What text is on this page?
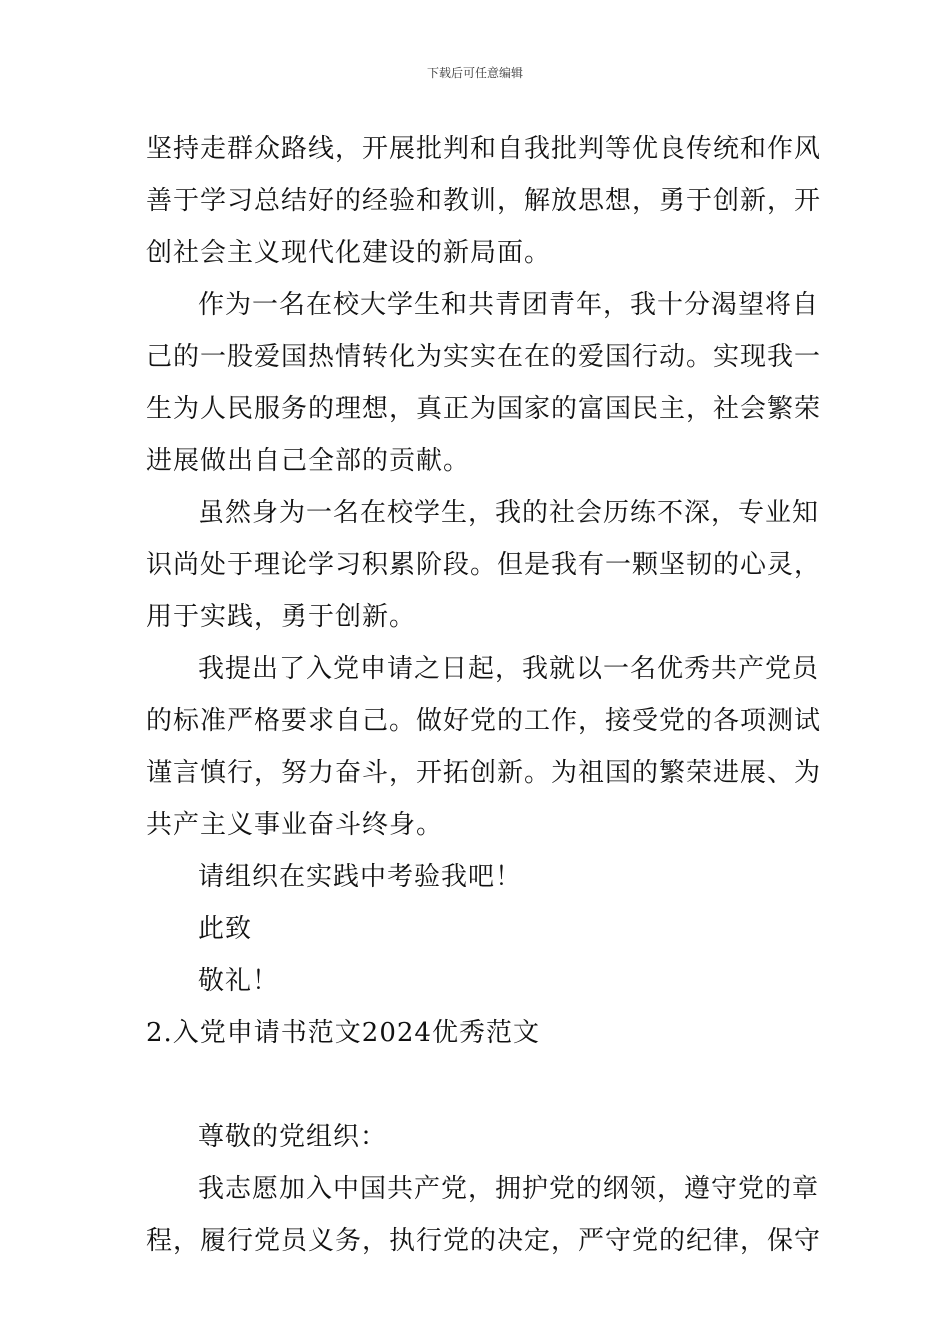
下载后可任意编辑
坚持走群众路线，开展批判和自我批判等优良传统和作风
善于学习总结好的经验和教训，解放思想，勇于创新，开
创社会主义现代化建设的新局面。
作为一名在校大学生和共青团青年，我十分渴望将自
己的一股爱国热情转化为实实在在的爱国行动。实现我一
生为人民服务的理想，真正为国家的富国民主，社会繁荣
进展做出自己全部的贡献。
虽然身为一名在校学生，我的社会历练不深，专业知
识尚处于理论学习积累阶段。但是我有一颗坚韧的心灵，
用于实践，勇于创新。
我提出了入党申请之日起，我就以一名优秀共产党员
的标准严格要求自己。做好党的工作，接受党的各项测试
谨言慎行，努力奋斗，开拓创新。为祖国的繁荣进展、为
共产主义事业奋斗终身。
请组织在实践中考验我吧！
此致
敬礼！
2.入党申请书范文2024优秀范文
尊敬的党组织：
我志愿加入中国共产党，拥护党的纲领，遵守党的章
程，履行党员义务，执行党的决定，严守党的纪律，保守
